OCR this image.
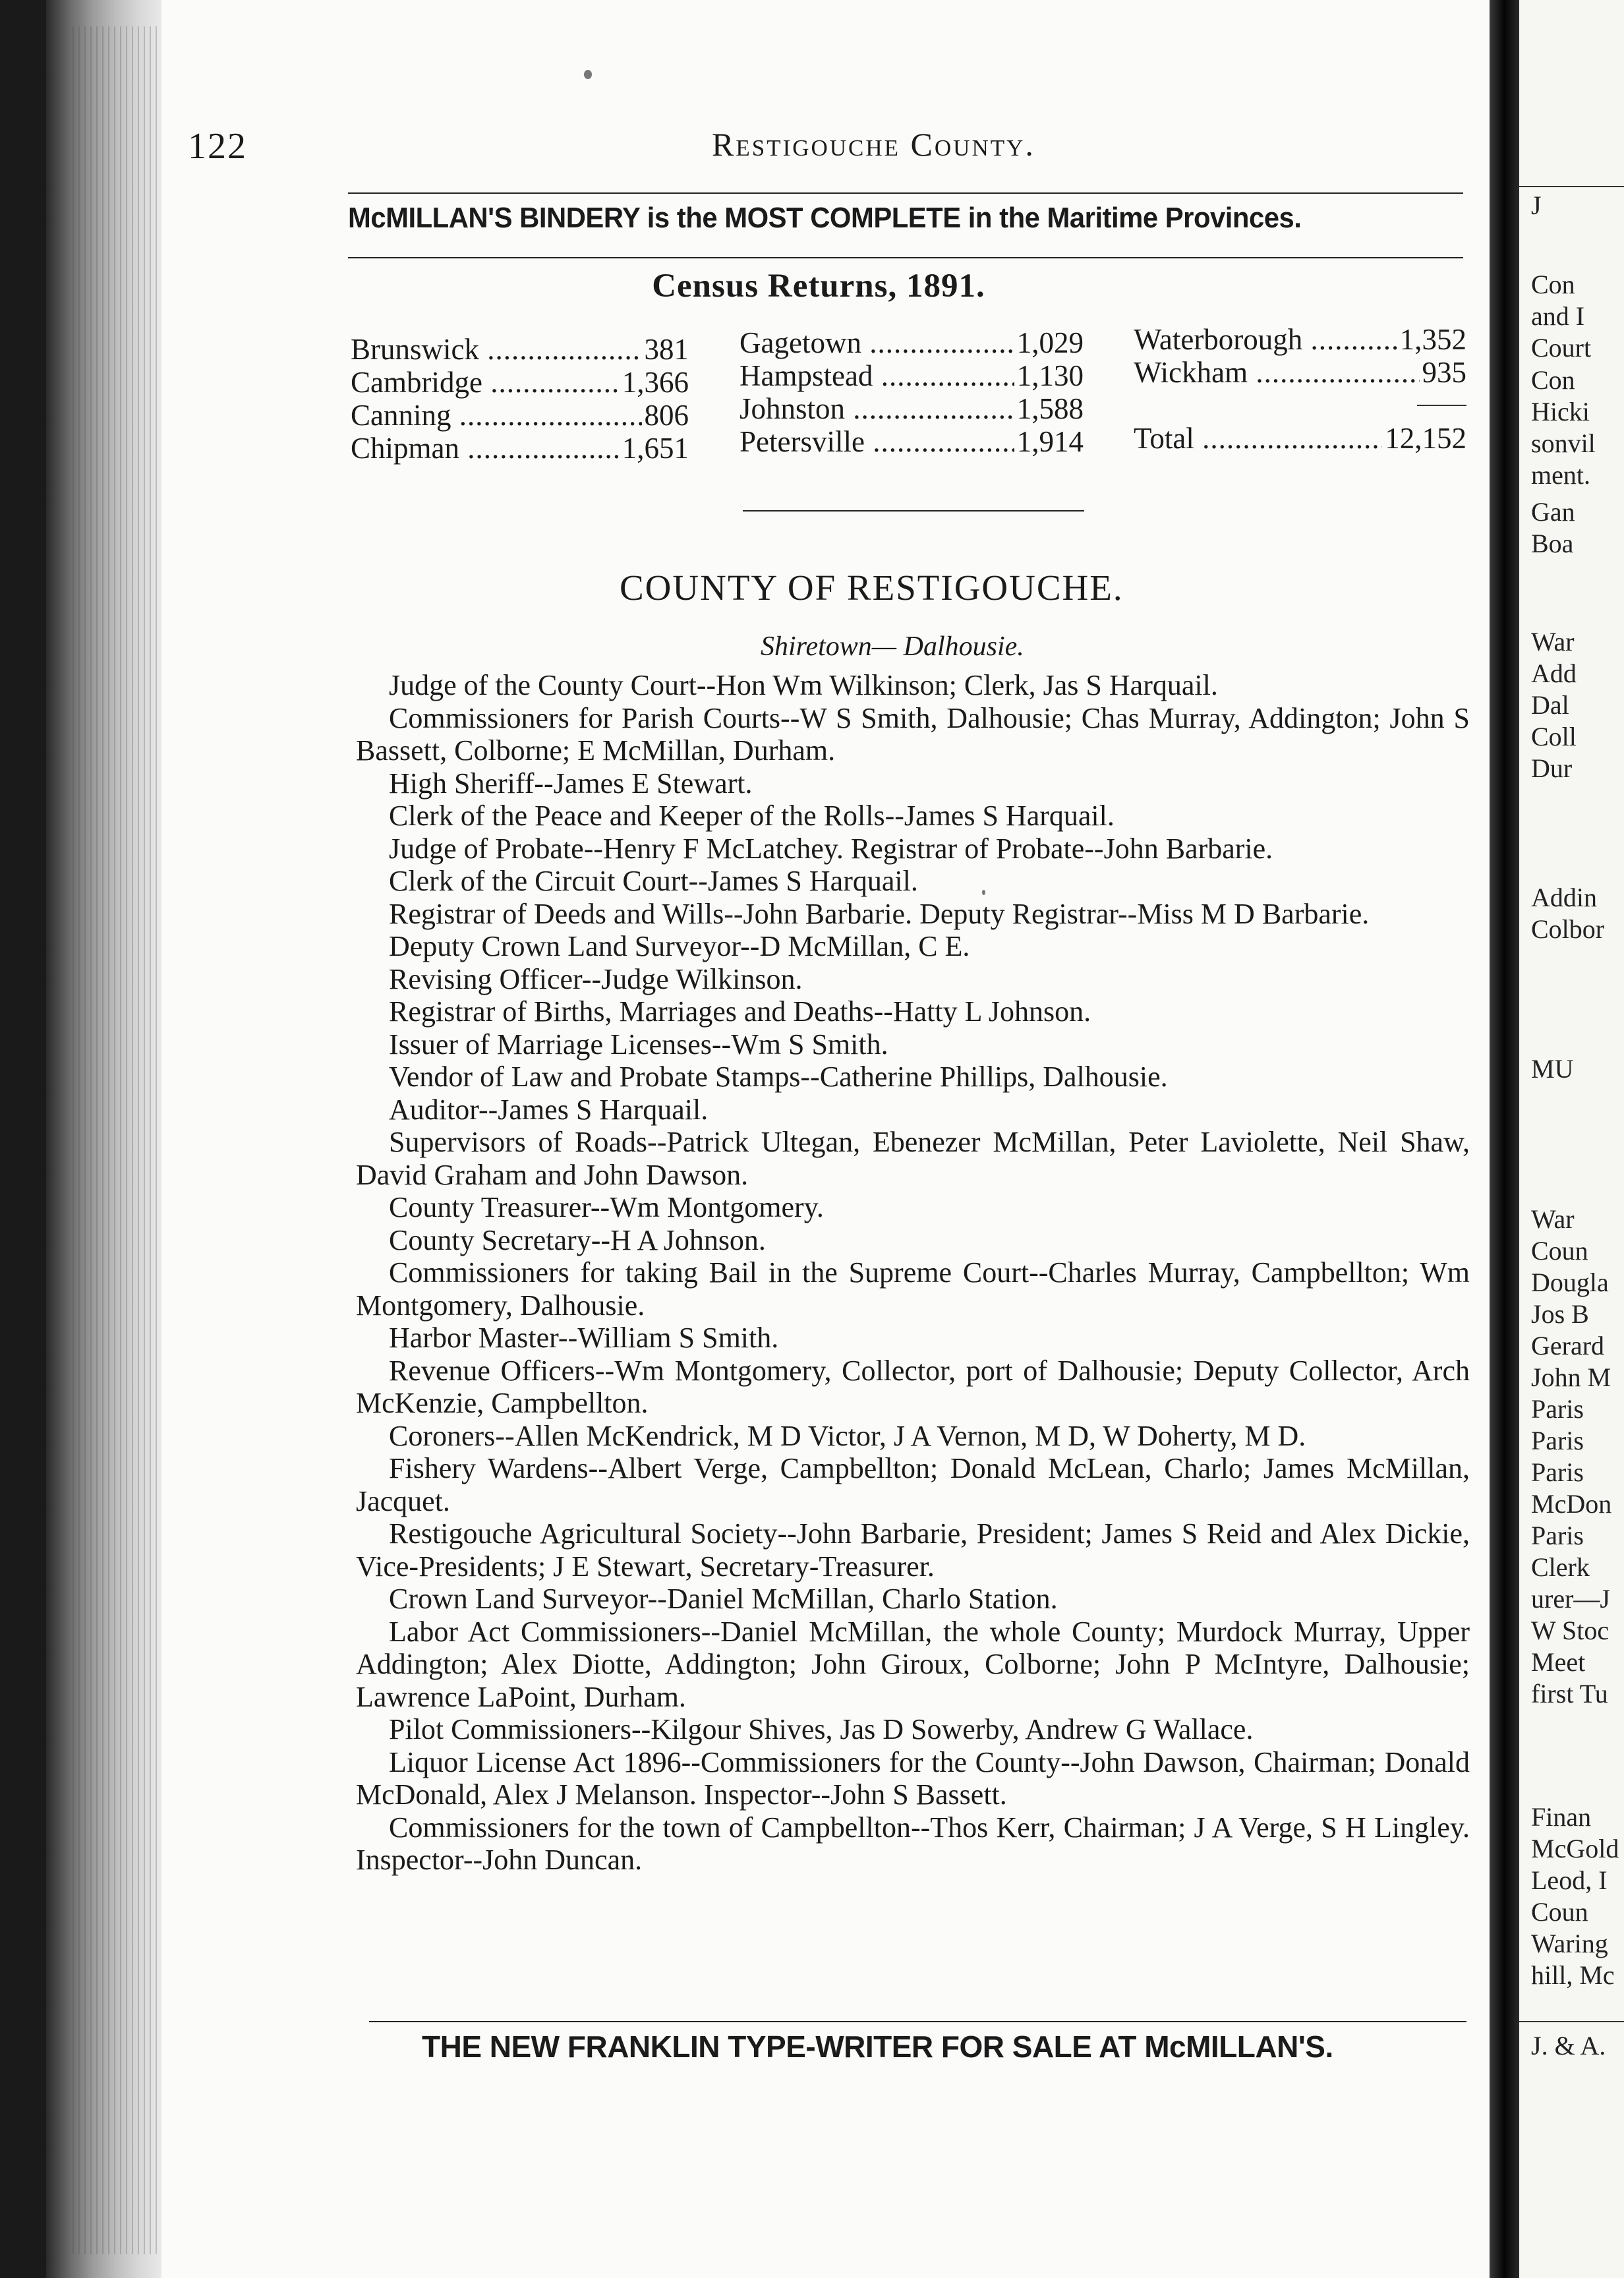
122	Restigouche County.
McMILLAN'S BINDERY is the MOST COMPLETE in the Maritime Provinces.
Census Returns, 1891.
Brunswick .....	381
Cambridge .....	1,366
Canning .....	806
Chipman .....	1,651
Gagetown .....	1,029
Hampstead .....	1,130
Johnston .....	1,588
Petersville .....	1,914
Waterborough .....	1,352
Wickham .....	935
Total .....	12,152
COUNTY OF RESTIGOUCHE.
Shiretown— Dalhousie.

Judge of the County Court--Hon Wm Wilkinson; Clerk, Jas S Harquail.

Commissioners for Parish Courts--W S Smith, Dalhousie; Chas Murray, Addington; John S Bassett, Colborne; E McMillan, Durham.

High Sheriff--James E Stewart.

Clerk of the Peace and Keeper of the Rolls--James S Harquail.

Judge of Probate--Henry F McLatchey. Registrar of Probate--John Barbarie.

Clerk of the Circuit Court--James S Harquail.

Registrar of Deeds and Wills--John Barbarie. Deputy Registrar--Miss M D Barbarie.

Deputy Crown Land Surveyor--D McMillan, C E.

Revising Officer--Judge Wilkinson.

Registrar of Births, Marriages and Deaths--Hatty L Johnson.

Issuer of Marriage Licenses--Wm S Smith.

Vendor of Law and Probate Stamps--Catherine Phillips, Dalhousie.

Auditor--James S Harquail.

Supervisors of Roads--Patrick Ultegan, Ebenezer McMillan, Peter Laviolette, Neil Shaw, David Graham and John Dawson.

County Treasurer--Wm Montgomery.

County Secretary--H A Johnson.

Commissioners for taking Bail in the Supreme Court--Charles Murray, Campbellton; Wm Montgomery, Dalhousie.

Harbor Master--William S Smith.

Revenue Officers--Wm Montgomery, Collector, port of Dalhousie; Deputy Collector, Arch McKenzie, Campbellton.

Coroners--Allen McKendrick, M D Victor, J A Vernon, M D, W Doherty, M D.

Fishery Wardens--Albert Verge, Campbellton; Donald McLean, Charlo; James McMillan, Jacquet.

Restigouche Agricultural Society--John Barbarie, President; James S Reid and Alex Dickie, Vice-Presidents; J E Stewart, Secretary-Treasurer.

Crown Land Surveyor--Daniel McMillan, Charlo Station.

Labor Act Commissioners--Daniel McMillan, the whole County; Murdock Murray, Upper Addington; Alex Diotte, Addington; John Giroux, Colborne; John P McIntyre, Dalhousie; Lawrence LaPoint, Durham.

Pilot Commissioners--Kilgour Shives, Jas D Sowerby, Andrew G Wallace.

Liquor License Act 1896--Commissioners for the County--John Dawson, Chairman; Donald McDonald, Alex J Melanson. Inspector--John S Bassett.

Commissioners for the town of Campbellton--Thos Kerr, Chairman; J A Verge, S H Lingley. Inspector--John Duncan.

THE NEW FRANKLIN TYPE-WRITER FOR SALE AT McMILLAN'S.
J
Con
and I
Court
Con
Hicki
sonvil
ment.
Gan
Boa
War
Add
Dal
Coll
Dur
Addin
Colbor
MU
War
Coun
Dougla
Jos B
Gerard
John M
Paris
Paris
Paris
McDon
Paris
Clerk
urer—J
W Stoc
Meet
first Tu
Finan
McGold
Leod, I
Coun
Waring
hill, Mc
J. & A.
